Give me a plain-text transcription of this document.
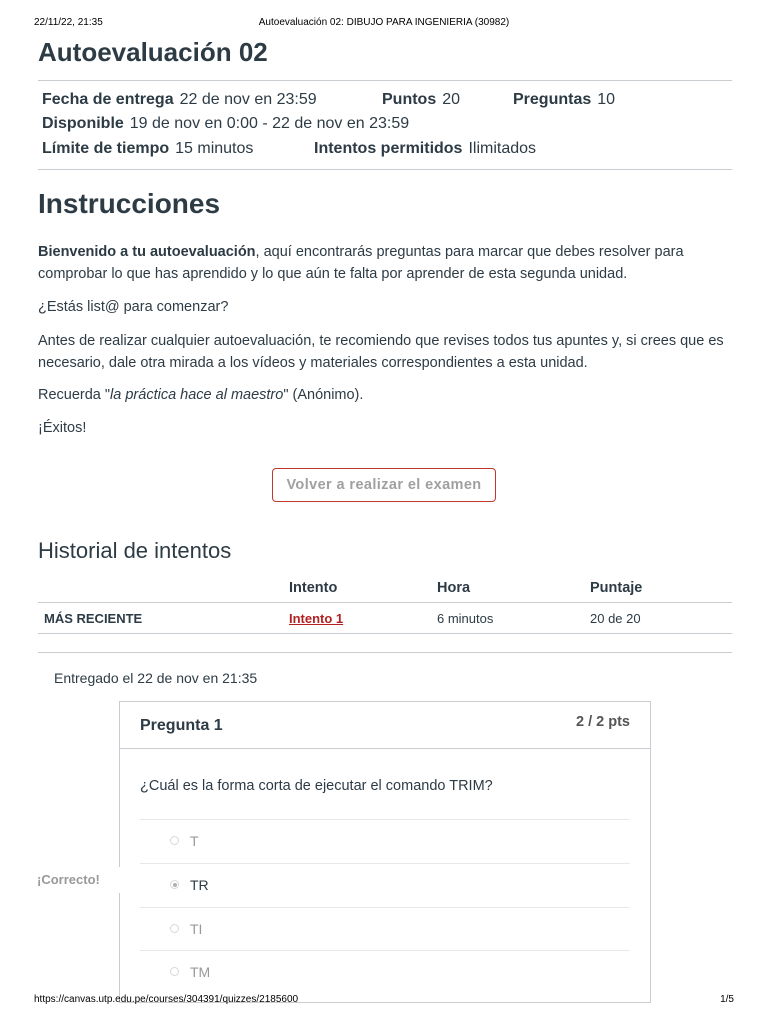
22/11/22, 21:35	Autoevaluación 02: DIBUJO PARA INGENIERIA (30982)
Autoevaluación 02
Fecha de entrega 22 de nov en 23:59	Puntos 20	Preguntas 10
Disponible 19 de nov en 0:00 - 22 de nov en 23:59
Límite de tiempo 15 minutos	Intentos permitidos Ilimitados
Instrucciones

Bienvenido a tu autoevaluación, aquí encontrarás preguntas para marcar que debes resolver para comprobar lo que has aprendido y lo que aún te falta por aprender de esta segunda unidad.

¿Estás list@ para comenzar?

Antes de realizar cualquier autoevaluación, te recomiendo que revises todos tus apuntes y, si crees que es necesario, dale otra mirada a los vídeos y materiales correspondientes a esta unidad.

Recuerda "la práctica hace al maestro" (Anónimo).

¡Éxitos!

Volver a realizar el examen
Historial de intentos
	Intento	Hora	Puntaje
MÁS RECIENTE	Intento 1	6 minutos	20 de 20
Entregado el 22 de nov en 21:35
Pregunta 1	2 / 2 pts
¿Cuál es la forma corta de ejecutar el comando TRIM?
T
TR
TI
TM
¡Correcto!
https://canvas.utp.edu.pe/courses/304391/quizzes/2185600	1/5
